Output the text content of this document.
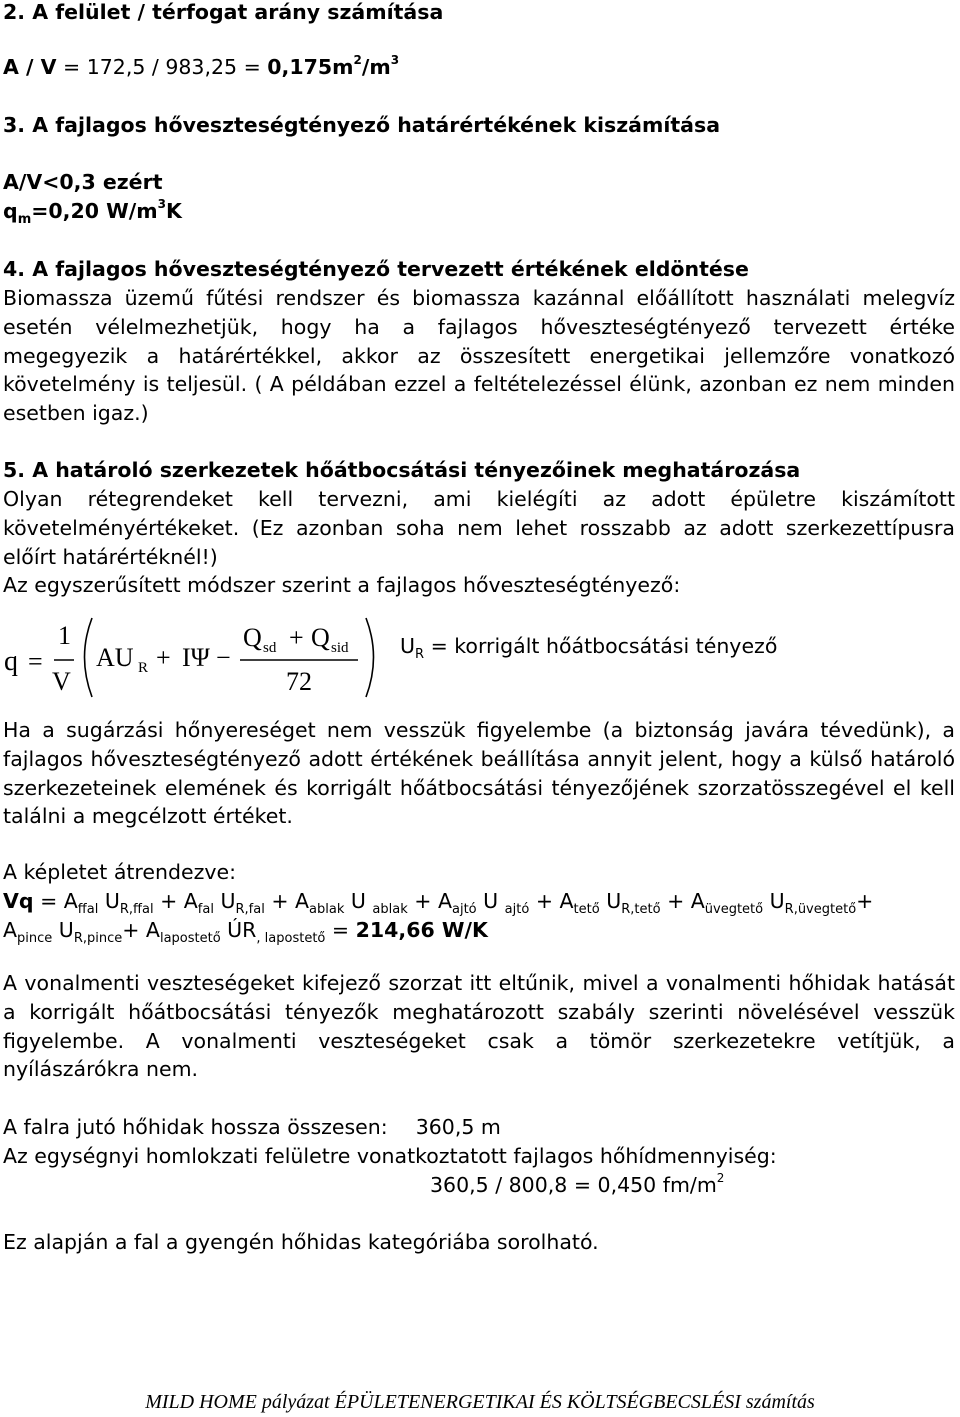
2. A felület / térfogat arány számítása
$A / V = 172,5 / 983,25 = 0,175m^2/m^3$
3. A fajlagos hőveszteségtényező határértékének kiszámítása
A/V<0,3 ezért
$q_m=0,20$ $W/m^3K$
4. A fajlagos hőveszteségtényező tervezett értékének eldöntése

Biomassza üzemű fűtési rendszer és biomassza kazánnal előállított használati melegvíz esetén vélelmezhetjük, hogy ha a fajlagos hőveszteségtényező tervezett értéke megegyezik a határértékkel, akkor az összesített energetikai jellemzőre vonatkozó követelmény is teljesül. ( A példában ezzel a feltételezéssel élünk, azonban ez nem minden esetben igaz.)

5. A határoló szerkezetek hőátbocsátási tényezőinek meghatározása

Olyan rétegrendeket kell tervezni, ami kielégíti az adott épületre kiszámított követelményértékeket. (Ez azonban soha nem lehet rosszabb az adott szerkezettípusra előírt határértéknél!)

Az egyszerűsített módszer szerint a fajlagos hőveszteségtényező:
q =
1
V
AU R + IΨ −
Q sd + Q sid
72
$U_R$ = korrigált hőátbocsátási tényező

Ha a sugárzási hőnyereséget nem vesszük figyelembe (a biztonság javára tévedünk), a fajlagos hőveszteségtényező adott értékének beállítása annyit jelent, hogy a külső határoló szerkezeteinek elemének és korrigált hőátbocsátási tényezőjének szorzatösszegével el kell találni a megcélzott értéket.

A képletet átrendezve:
$Vq = A_{ffal}$ $U_{R,ffal} + A_{fal}$ $U_{R,fal} + A_{ablak}$ U $_{ablak} + A_{ajtó}$ U $_{ajtó} + A_{tető}$ $U_{R,tető} + A_{üvegtető}$ $U_{R,üvegtető}+$
$A_{pince}$ $U_{R,pince}+ A_{lapostető}$ $ÚR_{, lapostető} = 214,66$ W/K

A vonalmenti veszteségeket kifejező szorzat itt eltűnik, mivel a vonalmenti hőhidak hatását a korrigált hőátbocsátási tényezők meghatározott szabály szerinti növelésével vesszük figyelembe. A vonalmenti veszteségeket csak a tömör szerkezetekre vetítjük, a nyílászárókra nem.

A falra jutó hőhidak hossza összesen: 360,5 m
Az egységnyi homlokzati felületre vonatkoztatott fajlagos hőhídmennyiség:
360,5 / 800,8 = 0,450 $fm/m^2$
Ez alapján a fal a gyengén hőhidas kategóriába sorolható.
MILD HOME pályázat ÉPÜLETENERGETIKAI ÉS KÖLTSÉGBECSLÉSI számítás
